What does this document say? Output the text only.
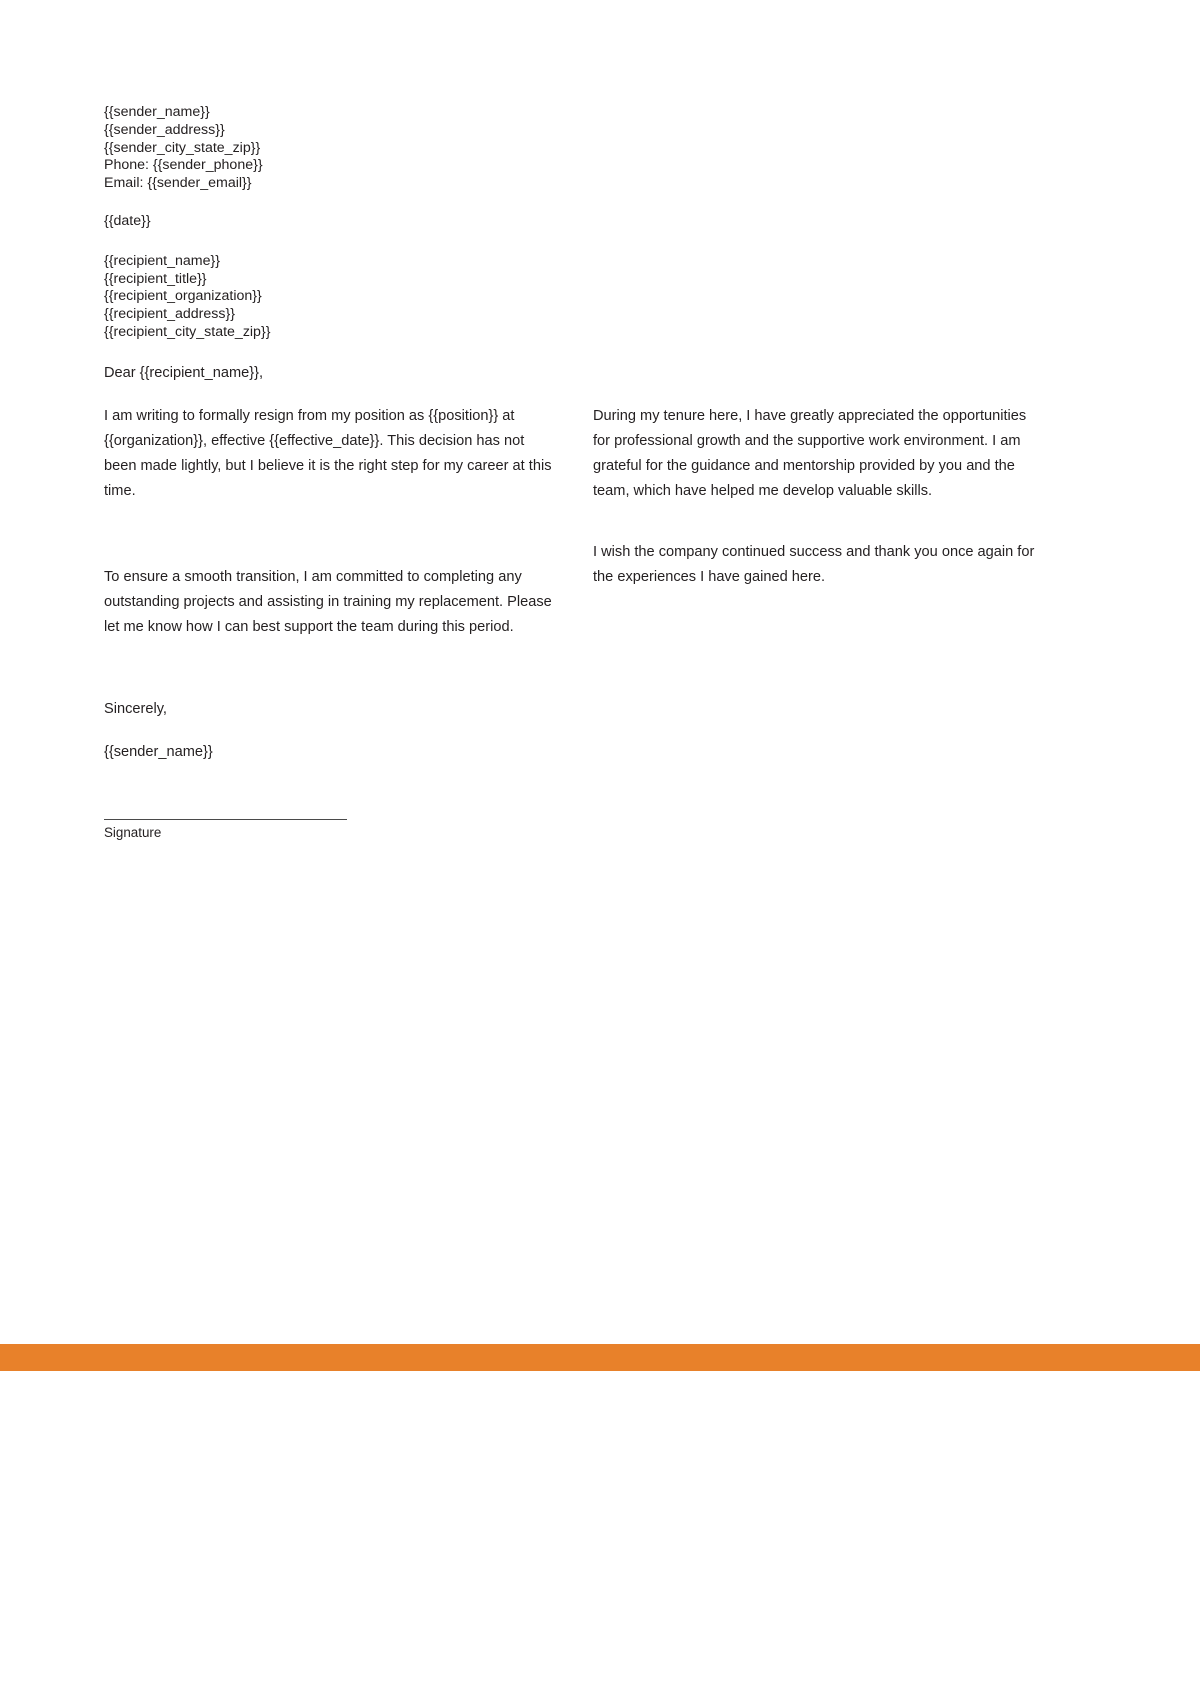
{{sender_name}}
{{sender_address}}
{{sender_city_state_zip}}
Phone: {{sender_phone}}
Email: {{sender_email}}
{{date}}
{{recipient_name}}
{{recipient_title}}
{{recipient_organization}}
{{recipient_address}}
{{recipient_city_state_zip}}
Dear {{recipient_name}},

I am writing to formally resign from my position as {{position}} at {{organization}}, effective {{effective_date}}. This decision has not been made lightly, but I believe it is the right step for my career at this time.

To ensure a smooth transition, I am committed to completing any outstanding projects and assisting in training my replacement. Please let me know how I can best support the team during this period.

During my tenure here, I have greatly appreciated the opportunities for professional growth and the supportive work environment. I am grateful for the guidance and mentorship provided by you and the team, which have helped me develop valuable skills.

I wish the company continued success and thank you once again for the experiences I have gained here.

Sincerely,
{{sender_name}}
Signature
